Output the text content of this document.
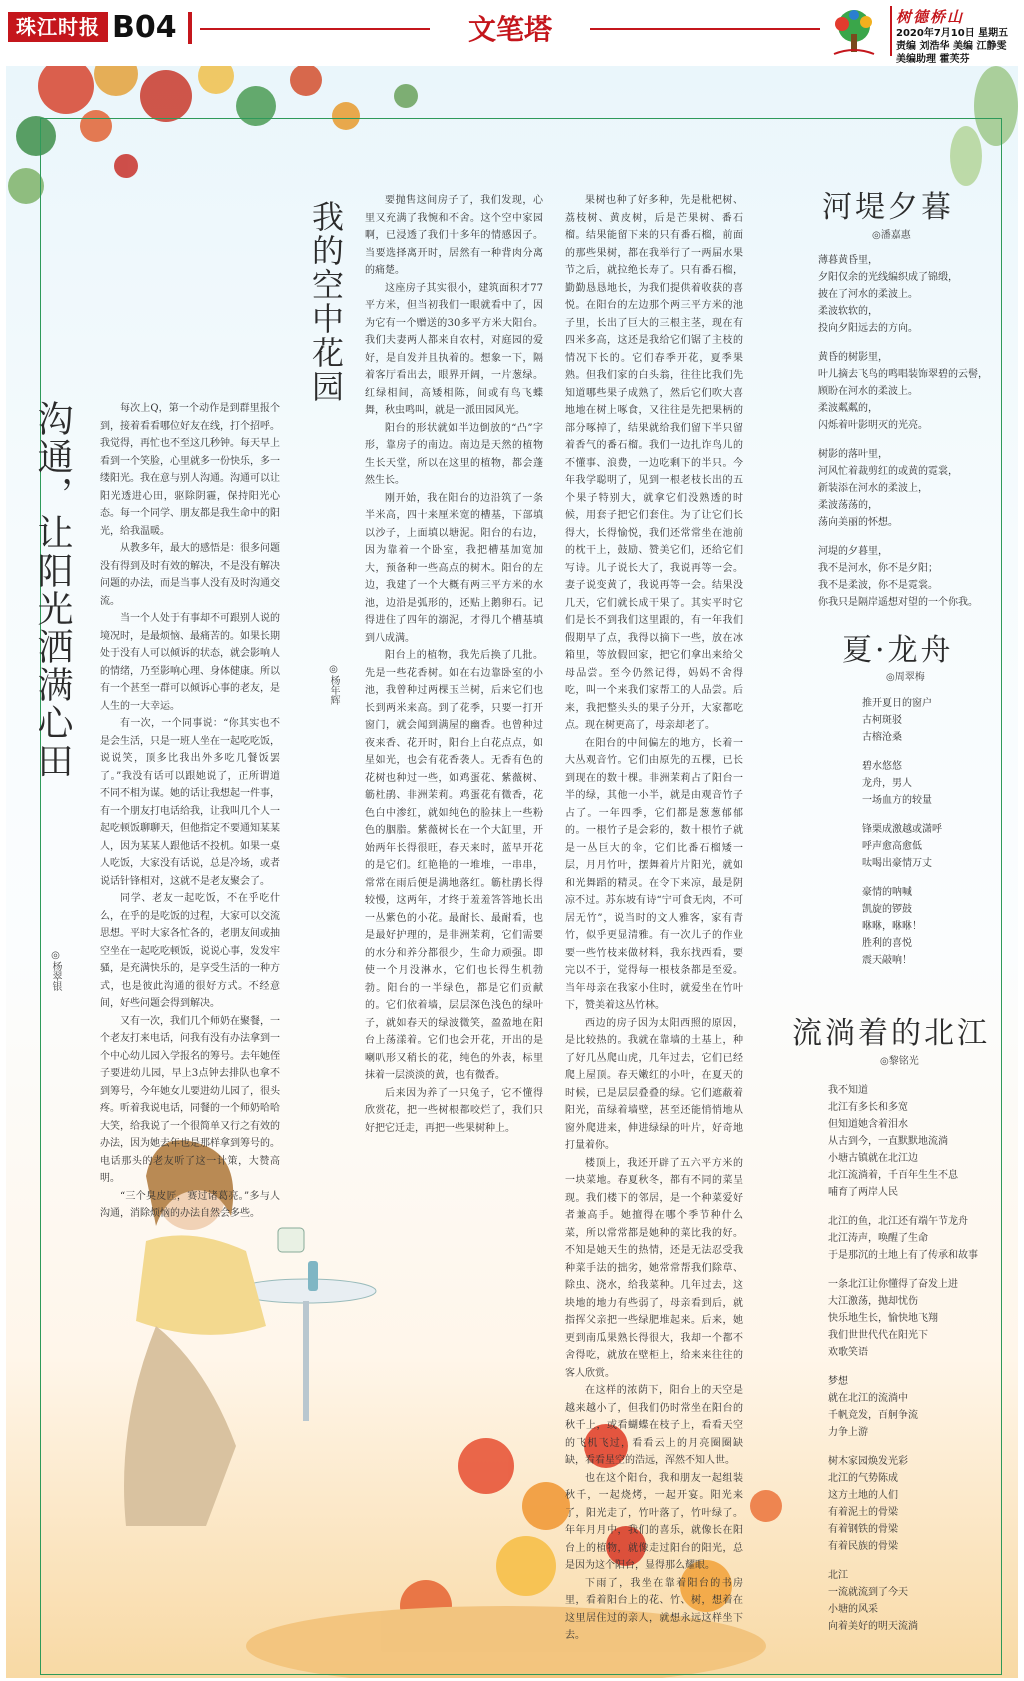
珠江时报 B04	文笔塔	树德桥山
2020年7月10日 星期五
责编 刘浩华 美编 江静雯
美编助理 霍芙芬
沟通，让阳光洒满心田
◎杨翠银

每次上Q，第一个动作是到群里报个到，接着看看哪位好友在线，打个招呼。我觉得，再忙也不至这几秒钟。每天早上看到一个笑脸，心里就多一份快乐，多一缕阳光。我在意与别人沟通。沟通可以让阳光透进心田，驱除阴霾，保持阳光心态。每一个同学、朋友都是我生命中的阳光，给我温暖。

从教多年，最大的感悟是：很多问题没有得到及时有效的解决，不是没有解决问题的办法，而是当事人没有及时沟通交流。

当一个人处于有事却不可跟别人说的境况时，是最烦恼、最痛苦的。如果长期处于没有人可以倾诉的状态，就会影响人的情绪，乃至影响心理、身体健康。所以有一个甚至一群可以倾诉心事的老友，是人生的一大幸运。

有一次，一个同事说：“你其实也不是会生活，只是一班人坐在一起吃吃饭，说说笑，顶多比我出外多吃几餐饭罢了。”我没有话可以跟她说了，正所谓道不同不相为谋。她的话让我想起一件事，有一个朋友打电话给我，让我叫几个人一起吃顿饭聊聊天，但他指定不要通知某某人，因为某某人跟他话不投机。如果一桌人吃饭，大家没有话说，总是冷场，或者说话针锋相对，这就不是老友聚会了。

同学、老友一起吃饭，不在乎吃什么，在乎的是吃饭的过程，大家可以交流思想。平时大家各忙各的，老朋友间或抽空坐在一起吃吃顿饭，说说心事，发发牢骚，是充满快乐的，是享受生活的一种方式，也是彼此沟通的很好方式。不经意间，好些问题会得到解决。

又有一次，我们几个师奶在聚餐，一个老友打来电话，问我有没有办法拿到一个中心幼儿园入学报名的筹号。去年她侄子要进幼儿园，早上3点钟去排队也拿不到筹号，今年她女儿要进幼儿园了，很头疼。听着我说电话，同餐的一个师奶哈哈大笑，给我说了一个很简单又行之有效的办法，因为她去年也是那样拿到筹号的。电话那头的老友听了这一计策，大赞高明。

“三个臭皮匠，赛过诸葛亮。”多与人沟通，消除烦恼的办法自然会多些。

我的空中花园
◎杨年辉

要抛售这间房子了，我们发现，心里又充满了我惋和不舍。这个空中家园啊，已浸透了我们十多年的情感因子。当要选择离开时，居然有一种背肉分离的痛楚。

这座房子其实很小，建筑面积才77平方米，但当初我们一眼就看中了，因为它有一个赠送的30多平方米大阳台。我们夫妻两人都来自农村，对庭园的爱好，是自发并且执着的。想象一下，隔着客厅看出去，眼界开阔，一片葱绿。红绿相间，高矮相陈，间或有鸟飞蝶舞，秋虫鸣叫，就是一派田园风光。

阳台的形状就如半边倒放的“凸”字形，靠房子的南边。南边是天然的植物生长天堂，所以在这里的植物，都会蓬然生长。

刚开始，我在阳台的边沿筑了一条半米高，四十来厘米宽的槽基，下部填以沙子，上面填以塘泥。阳台的右边，因为靠着一个卧室，我把槽基加宽加大，预备种一些高点的树木。阳台的左边，我建了一个大概有两三平方米的水池，边沿是弧形的，还贴上鹅卵石。记得进住了四年的溺泥，才得几个槽基填到八成满。

阳台上的植物，我先后换了几批。先是一些花香树。如在右边靠卧室的小池，我曾种过两棵玉兰树，后来它们也长到两米来高。到了花季，只要一打开窗门，就会闻到满屋的幽香。也曾种过夜来香、花开时，阳台上白花点点，如星如光，也会有花香袭人。无香有色的花树也种过一些，如鸡蛋花、紫薇树、簕杜鹃、非洲茉莉。鸡蛋花有微香，花色白中渗红，就如纯色的脸抹上一些粉色的胭脂。紫薇树长在一个大缸里，开始两年长得很旺，春天来时，蓝早开花的是它们。红艳艳的一堆堆，一串串，常常在雨后便是满地落红。簕杜鹃长得较慢，这两年，才终于羞羞答答地长出一丛紫色的小花。最耐长、最耐看，也是最好护理的，是非洲茉莉，它们需要的水分和养分都很少，生命力顽强。即使一个月没淋水，它们也长得生机勃勃。阳台的一半绿色，都是它们贡献的。它们依着墙，层层深色浅色的绿叶子，就如春天的绿波微笑，盈盈地在阳台上荡漾着。它们也会开花，开出的是喇叭形又稍长的花，纯色的外表，标里抹着一层淡淡的黄，也有微香。

后来因为养了一只兔子，它不懂得欣赏花，把一些树根都咬烂了，我们只好把它迁走，再把一些果树种上。

果树也种了好多种，先是枇杷树、荔枝树、黄皮树，后是芒果树、番石榴。结果能留下来的只有番石榴，前面的那些果树，都在我举行了一两届水果节之后，就拉绝长寿了。只有番石榴，勤勤恳恳地长，为我们提供着收获的喜悦。在阳台的左边那个两三平方米的池子里，长出了巨大的三根主茎，现在有四米多高，这还是我给它们锯了主枝的情况下长的。它们春季开花，夏季果熟。但我们家的白头翁，往往比我们先知道哪些果子成熟了，然后它们吹大喜地地在树上啄食，又往往是先把果柄的部分啄掉了，结果就给我们留下半只留着香气的番石榴。我们一边扎诈鸟儿的不懂事、浪费，一边吃剩下的半只。今年我学聪明了，见到一根老枝长出的五个果子特别大，就拿它们没熟透的时候，用套子把它们套住。为了让它们长得大，长得愉悦，我们还常常坐在池前的枕干上，鼓励、赞美它们，还给它们写诗。儿子说长大了，我说再等一会。妻子说变黄了，我说再等一会。结果没几天，它们就长成干果了。其实平时它们是长不到我们这里跟的，有一年我们假期早了点，我得以摘下一些，放在冰箱里，等放假回家，把它们拿出来给父母品尝。至今仍然记得，妈妈不舍得吃，叫一个来我们家帮工的人品尝。后来，我把整头头的果子分开，大家都吃点。现在树更高了，母亲却老了。

在阳台的中间偏左的地方，长着一大丛观音竹。它们由原先的五棵，已长到现在的数十棵。非洲茉莉占了阳台一半的绿，其他一小半，就是由观音竹子占了。一年四季，它们都是葱葱郁郁的。一根竹子是会彩的，数十根竹子就是一丛巨大的伞，它们比番石榴矮一层，月月竹叶，摆舞着片片阳光，就如和光舞蹈的精灵。在令下来凉，最是阴凉不过。苏东坡有诗“宁可食无肉，不可居无竹”，说当时的文人雅客，家有青竹，似乎更显清雅。有一次儿子的作业要一些竹枝来做材料，我东找西看，要完以不于，觉得每一根枝条都是至爱。当年母亲在我家小住时，就爱坐在竹叶下，赞美着这丛竹林。

西边的房子因为太阳西照的原因，是比较热的。我就在靠墙的土基上，种了好几丛爬山虎，几年过去，它们已经爬上屋顶。春天嫩红的小叶，在夏天的时候，已是层层叠叠的绿。它们遮蔽着阳光，苗绿着墙壁，甚至还能悄悄地从窗外爬进来，伸进绿绿的叶片，好奇地打量着你。

楼顶上，我还开辟了五六平方米的一块菜地。春夏秋冬，都有不同的菜呈现。我们楼下的邻居，是一个种菜爱好者兼高手。她擅得在哪个季节种什么菜，所以常常都是她种的菜比我的好。不知是她天生的热情，还是无法忍受我种菜手法的拙劣，她常常帮我们除草、除虫、浇水，给我菜种。几年过去，这块地的地力有些弱了，母亲看到后，就指挥父亲把一些绿肥堆起来。后来，她更到南瓜果熟长得很大，我却一个都不舍得吃，就放在壁柜上，给来来往往的客人欣赏。

在这样的浓荫下，阳台上的天空是越来越小了，但我们仍时常坐在阳台的秋千上，或看蝴蝶在枝子上，看看天空的飞机飞过，看看云上的月亮圈圈缺缺，看看星空的浩远，浑然不知人世。

也在这个阳台，我和朋友一起组装秋千，一起烧烤，一起开宴。阳光来了，阳光走了，竹叶落了，竹叶绿了。年年月月中，我们的喜乐，就像长在阳台上的植物，就像走过阳台的阳光，总是因为这个阳台，显得那么耀眼。

下雨了，我坐在靠着阳台的书房里，看着阳台上的花、竹、树，想着在这里居住过的亲人，就想永远这样坐下去。

河堤夕暮
◎潘嘉惠
薄暮黄昏里，
夕阳仅余的光线编织成了锦缎，
披在了河水的柔波上。
柔波软软的，
投向夕阳远去的方向。
黄昏的树影里，
叶儿摘去飞鸟的鸣唱装饰翠碧的云髻，
顾盼在河水的柔波上。
柔波粼粼的，
闪烁着叶影明灭的光亮。
树影的落叶里，
河风忙着裁剪红的或黄的霓裳，
新装添在河水的柔波上，
柔波荡荡的，
荡向美丽的怀想。
河堤的夕暮里，
我不是河水，你不是夕阳；
我不是柔波，你不是霓裳。
你我只是隔岸遥想对望的一个你我。
夏·龙舟
◎周翠梅
推开夏日的窗户
古柯斑驳
古榕沧桑
碧水悠悠
龙舟，男人
一场血方的较量
锋栗成激越或潇呼
呼声愈高愈低
呔喝出豪情万丈
豪情的呐喊
凯旋的锣鼓
咻咻，咻咻！
胜利的喜悦
震天敲响！
流淌着的北江
◎黎铭光
我不知道
北江有多长和多宽
但知道她含着泪水
从古到今，一直默默地流淌
小塘古镇就在北江边
北江流淌着，千百年生生不息
哺育了两岸人民
北江的鱼，北江还有端午节龙舟
北江涛声，唤醒了生命
于是那沉的土地上有了传承和故事
一条北江让你懂得了奋发上进
大江激荡，抛却忧伤
快乐地生长，愉快地飞翔
我们世世代代在阳光下
欢歌笑语
梦想
就在北江的流淌中
千帆竞发，百舸争流
力争上游
树木家园焕发光彩
北江的气势陈成
这方土地的人们
有着泥土的骨梁
有着钢铁的骨梁
有着民族的骨梁
北江
一流就流到了今天
小塘的风采
向着美好的明天流淌
